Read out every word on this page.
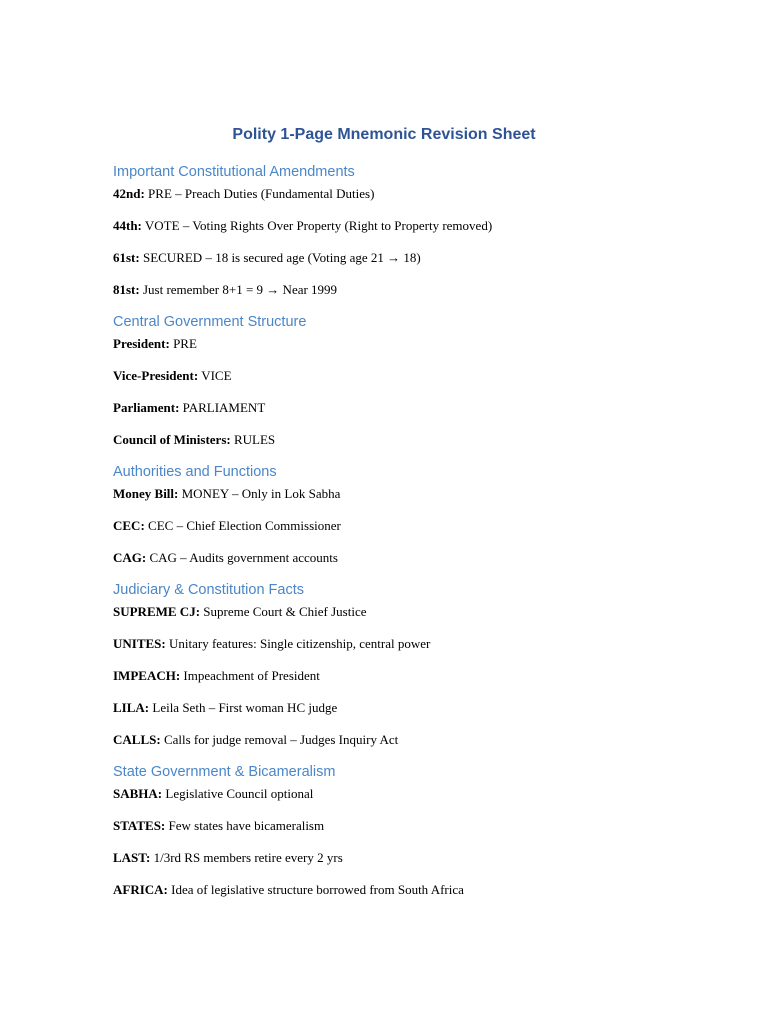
Polity 1-Page Mnemonic Revision Sheet
Important Constitutional Amendments
42nd: PRE – Preach Duties (Fundamental Duties)
44th: VOTE – Voting Rights Over Property (Right to Property removed)
61st: SECURED – 18 is secured age (Voting age 21 → 18)
81st: Just remember 8+1 = 9 → Near 1999
Central Government Structure
President: PRE
Vice-President: VICE
Parliament: PARLIAMENT
Council of Ministers: RULES
Authorities and Functions
Money Bill: MONEY – Only in Lok Sabha
CEC: CEC – Chief Election Commissioner
CAG: CAG – Audits government accounts
Judiciary & Constitution Facts
SUPREME CJ: Supreme Court & Chief Justice
UNITES: Unitary features: Single citizenship, central power
IMPEACH: Impeachment of President
LILA: Leila Seth – First woman HC judge
CALLS: Calls for judge removal – Judges Inquiry Act
State Government & Bicameralism
SABHA: Legislative Council optional
STATES: Few states have bicameralism
LAST: 1/3rd RS members retire every 2 yrs
AFRICA: Idea of legislative structure borrowed from South Africa
